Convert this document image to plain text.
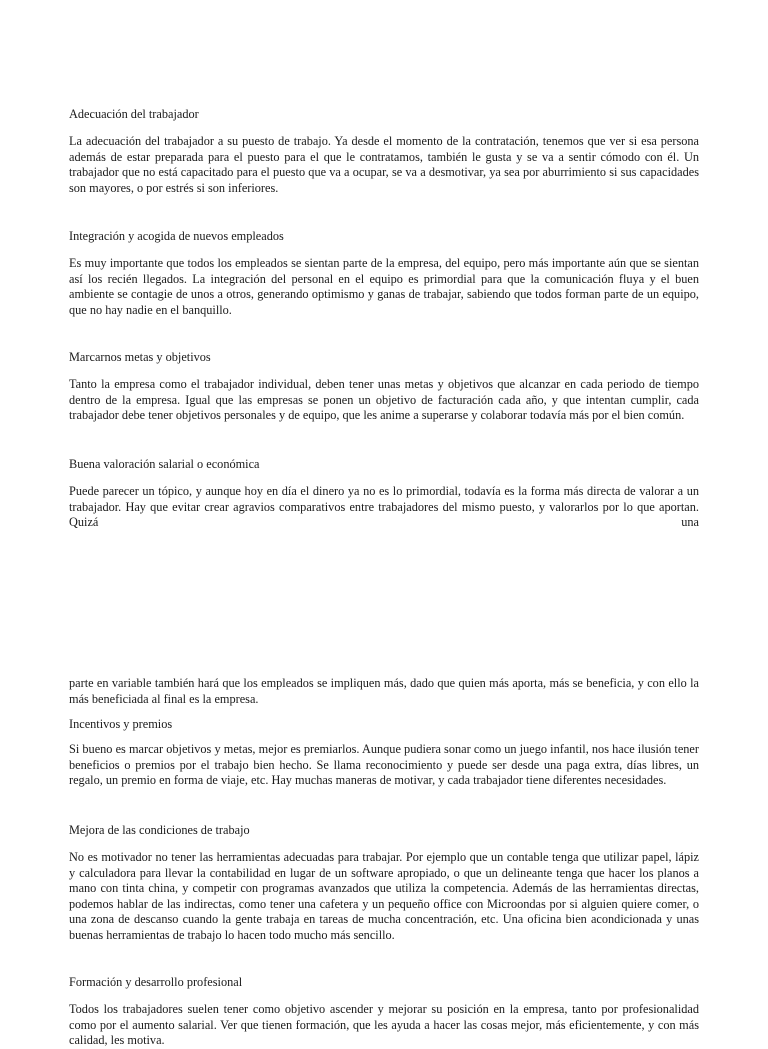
Adecuación del trabajador

La adecuación del trabajador a su puesto de trabajo. Ya desde el momento de la contratación, tenemos que ver si esa persona además de estar preparada para el puesto para el que le contratamos, también le gusta y se va a sentir cómodo con él. Un trabajador que no está capacitado para el puesto que va a ocupar, se va a desmotivar, ya sea por aburrimiento si sus capacidades son mayores, o por estrés si son inferiores.

Integración y acogida de nuevos empleados

Es muy importante que todos los empleados se sientan parte de la empresa, del equipo, pero más importante aún que se sientan así los recién llegados. La integración del personal en el equipo es primordial para que la comunicación fluya y el buen ambiente se contagie de unos a otros, generando optimismo y ganas de trabajar, sabiendo que todos forman parte de un equipo, que no hay nadie en el banquillo.

Marcarnos metas y objetivos

Tanto la empresa como el trabajador individual, deben tener unas metas y objetivos que alcanzar en cada periodo de tiempo dentro de la empresa. Igual que las empresas se ponen un objetivo de facturación cada año, y que intentan cumplir, cada trabajador debe tener objetivos personales y de equipo, que les anime a superarse y colaborar todavía más por el bien común.

Buena valoración salarial o económica

Puede parecer un tópico, y aunque hoy en día el dinero ya no es lo primordial, todavía es la forma más directa de valorar a un trabajador. Hay que evitar crear agravios comparativos entre trabajadores del mismo puesto, y valorarlos por lo que aportan. Quizá una

parte en variable también hará que los empleados se impliquen más, dado que quien más aporta, más se beneficia, y con ello la más beneficiada al final es la empresa.

Incentivos y premios

Si bueno es marcar objetivos y metas, mejor es premiarlos. Aunque pudiera sonar como un juego infantil, nos hace ilusión tener beneficios o premios por el trabajo bien hecho. Se llama reconocimiento y puede ser desde una paga extra, días libres, un regalo, un premio en forma de viaje, etc. Hay muchas maneras de motivar, y cada trabajador tiene diferentes necesidades.

Mejora de las condiciones de trabajo

No es motivador no tener las herramientas adecuadas para trabajar. Por ejemplo que un contable tenga que utilizar papel, lápiz y calculadora para llevar la contabilidad en lugar de un software apropiado, o que un delineante tenga que hacer los planos a mano con tinta china, y competir con programas avanzados que utiliza la competencia. Además de las herramientas directas, podemos hablar de las indirectas, como tener una cafetera y un pequeño office con Microondas por si alguien quiere comer, o una zona de descanso cuando la gente trabaja en tareas de mucha concentración, etc. Una oficina bien acondicionada y unas buenas herramientas de trabajo lo hacen todo mucho más sencillo.

Formación y desarrollo profesional

Todos los trabajadores suelen tener como objetivo ascender y mejorar su posición en la empresa, tanto por profesionalidad como por el aumento salarial. Ver que tienen formación, que les ayuda a hacer las cosas mejor, más eficientemente, y con más calidad, les motiva.
